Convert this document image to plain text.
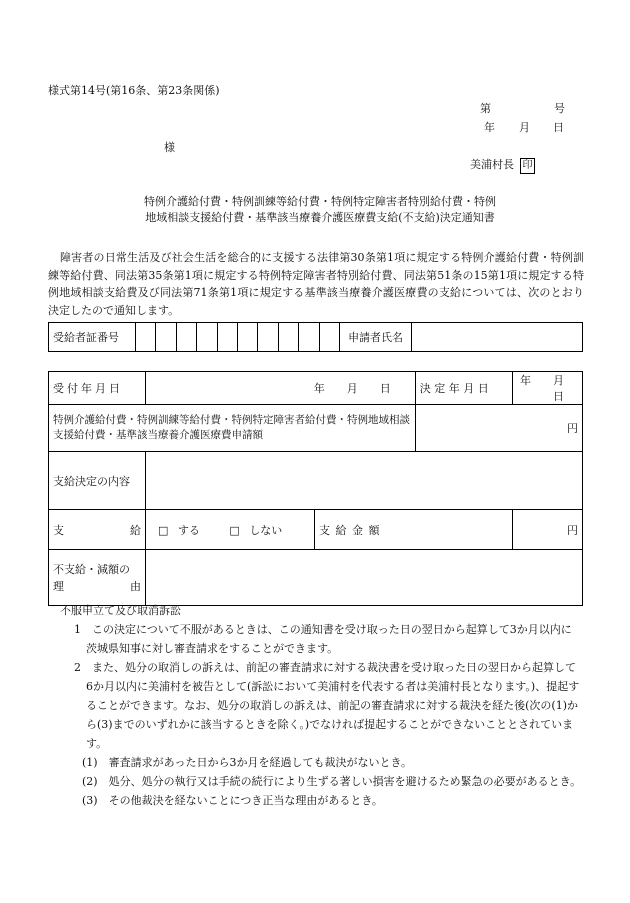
様式第14号(第16条、第23条関係)
第	号
年 月 日
様
美浦村長 印
特例介護給付費・特例訓練等給付費・特例特定障害者特別給付費・特例
地域相談支援給付費・基準該当療養介護医療費支給(不支給)決定通知書
障害者の日常生活及び社会生活を総合的に支援する法律第30条第1項に規定する特例介護給付費・特例訓練等給付費、同法第35条第1項に規定する特例特定障害者特別給付費、同法第51条の15第1項に規定する特例地域相談支給費及び同法第71条第1項に規定する基準該当療養介護医療費の支給については、次のとおり決定したので通知します。
受給者証番号											申請者氏名	
受付年月日	年　　月　　日		決 定 年 月 日	年　　月　　日
特例介護給付費・特例訓練等給付費・特例特定障害者給付費・特例地域相談支援給付費・基準該当療養介護医療費申請額			円	
支給決定の内容				
支 給	□ する □ しない	支 給 金 額		円

不支給・減額の
理 由				

不服申立て及び取消訴訟
1　この決定について不服があるときは、この通知書を受け取った日の翌日から起算して3か月以内に茨城県知事に対し審査請求をすることができます。
2　また、処分の取消しの訴えは、前記の審査請求に対する裁決書を受け取った日の翌日から起算して6か月以内に美浦村を被告として(訴訟において美浦村を代表する者は美浦村長となります。)、提起することができます。なお、処分の取消しの訴えは、前記の審査請求に対する裁決を経た後(次の(1)から(3)までのいずれかに該当するときを除く。)でなければ提起することができないこととされています。
(1)　審査請求があった日から3か月を経過しても裁決がないとき。
(2)　処分、処分の執行又は手続の続行により生ずる著しい損害を避けるため緊急の必要があるとき。
(3)　その他裁決を経ないことにつき正当な理由があるとき。
